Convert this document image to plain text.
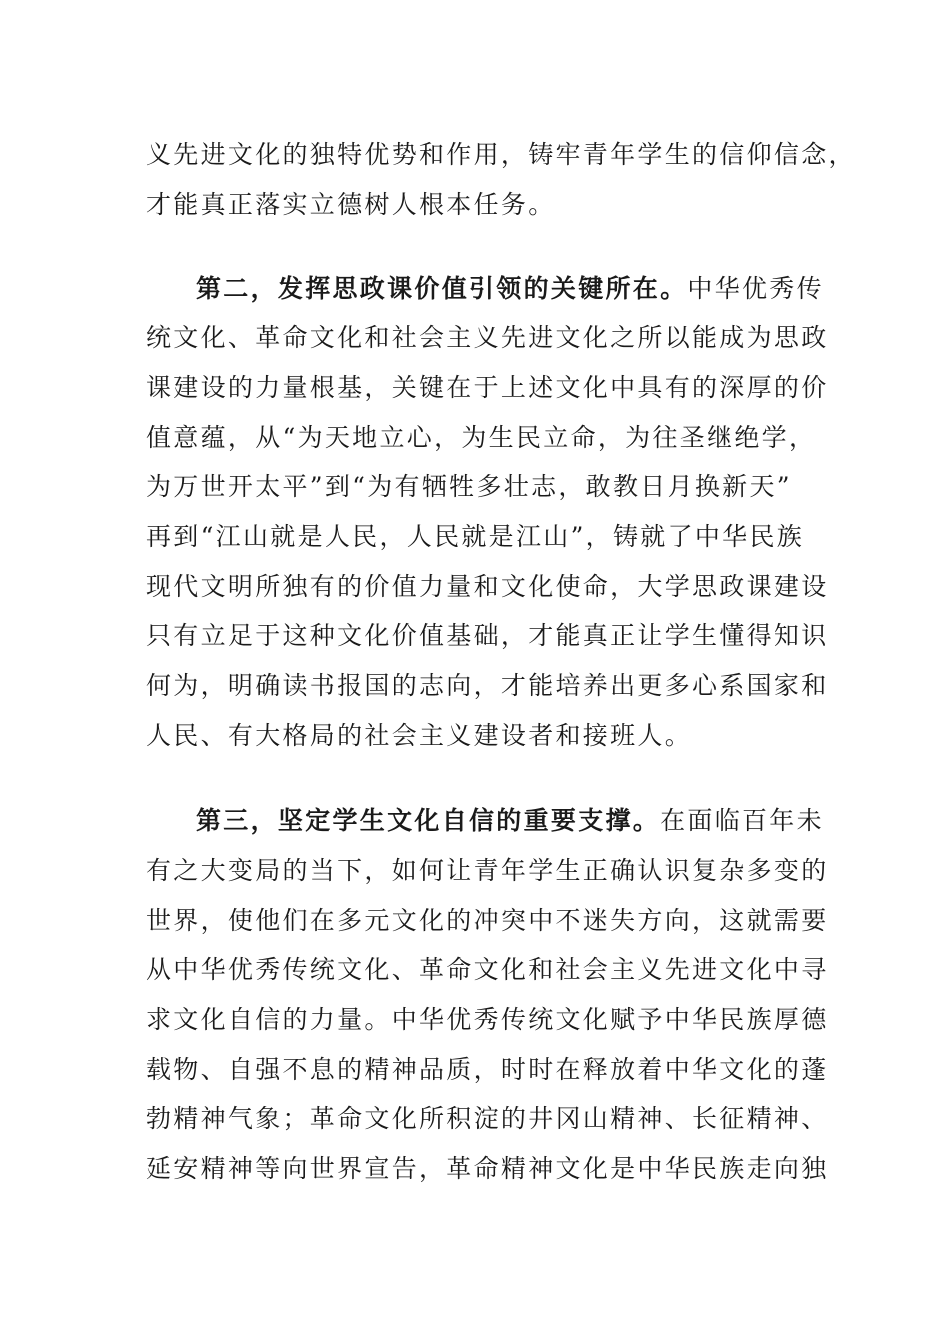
义先进文化的独特优势和作用，铸牢青年学生的信仰信念，
才能真正落实立德树人根本任务。
第二，发挥思政课价值引领的关键所在。中华优秀传
统文化、革命文化和社会主义先进文化之所以能成为思政
课建设的力量根基，关键在于上述文化中具有的深厚的价
值意蕴，从“为天地立心，为生民立命，为往圣继绝学，
为万世开太平”到“为有牺牲多壮志，敢教日月换新天”
再到“江山就是人民，人民就是江山”，铸就了中华民族
现代文明所独有的价值力量和文化使命，大学思政课建设
只有立足于这种文化价值基础，才能真正让学生懂得知识
何为，明确读书报国的志向，才能培养出更多心系国家和
人民、有大格局的社会主义建设者和接班人。
第三，坚定学生文化自信的重要支撑。在面临百年未
有之大变局的当下，如何让青年学生正确认识复杂多变的
世界，使他们在多元文化的冲突中不迷失方向，这就需要
从中华优秀传统文化、革命文化和社会主义先进文化中寻
求文化自信的力量。中华优秀传统文化赋予中华民族厚德
载物、自强不息的精神品质，时时在释放着中华文化的蓬
勃精神气象；革命文化所积淀的井冈山精神、长征精神、
延安精神等向世界宣告，革命精神文化是中华民族走向独
